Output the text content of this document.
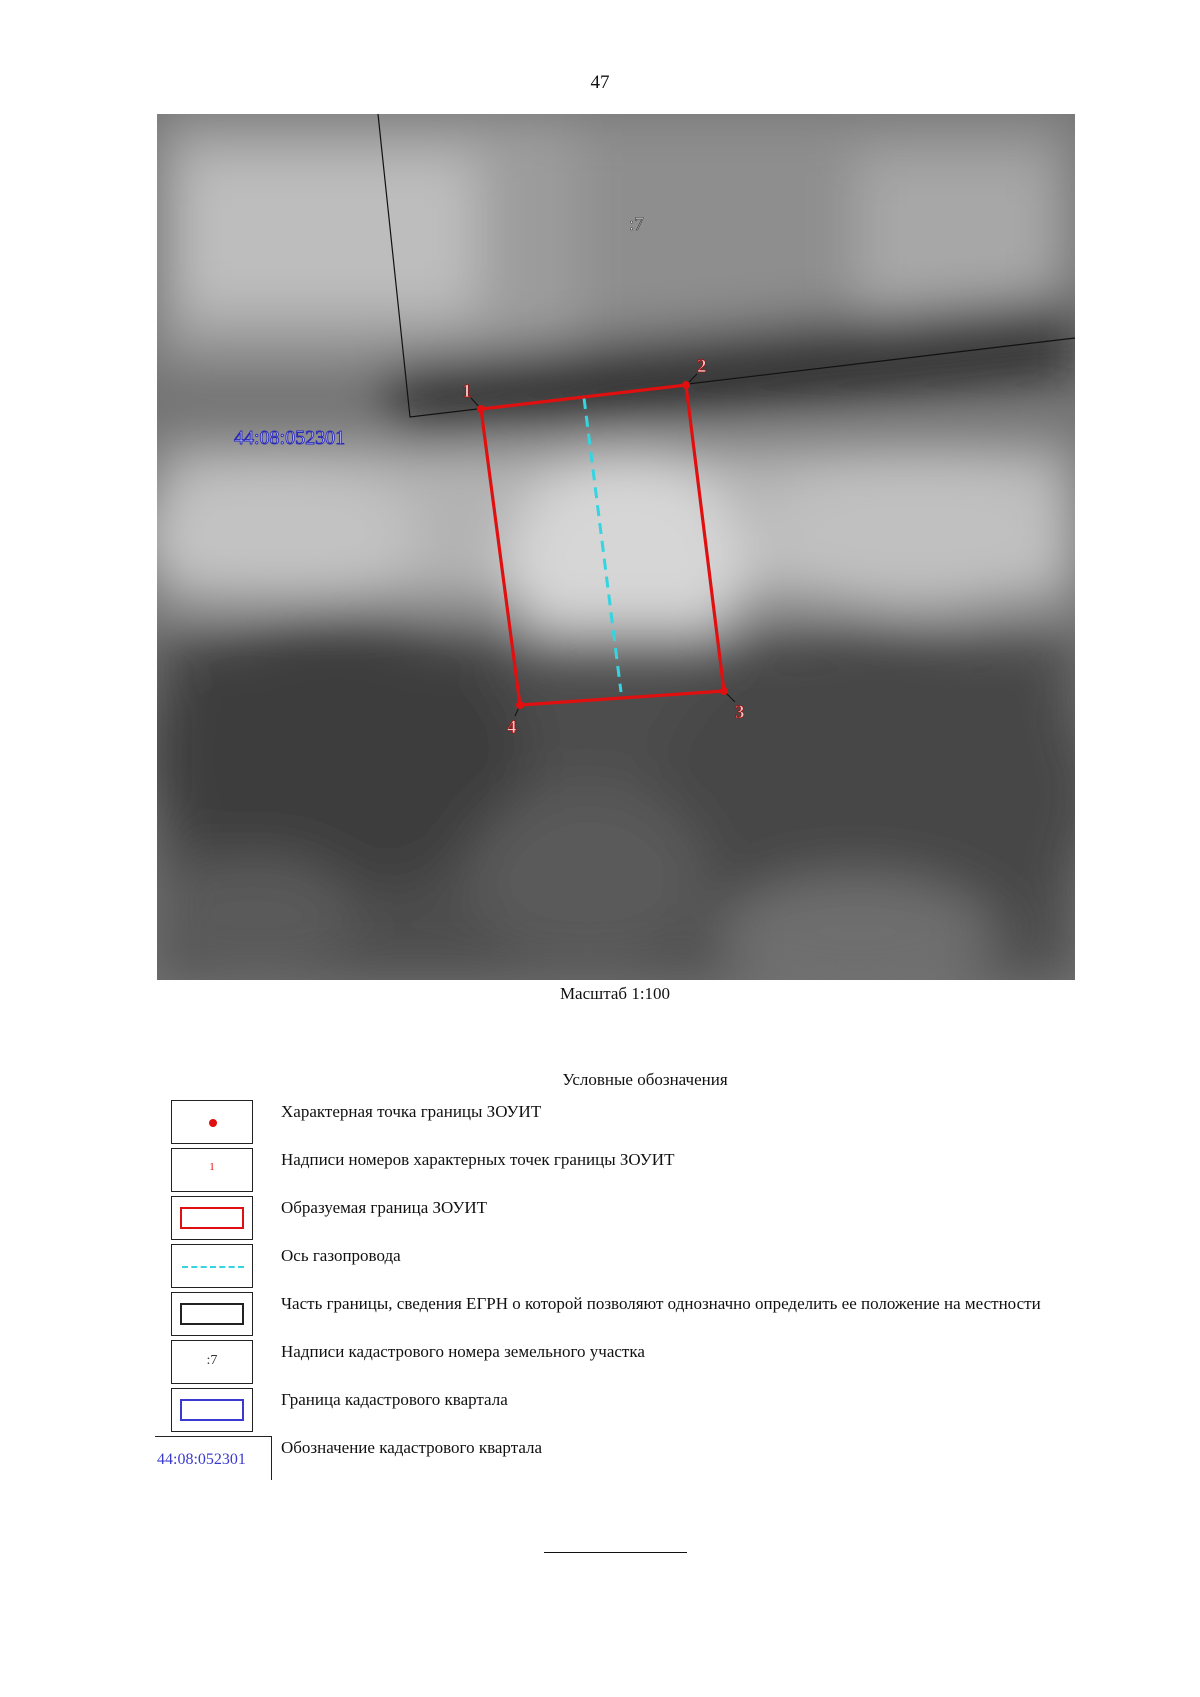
47
1
2
3
4
:7
44:08:052301
Масштаб 1:100
Условные обозначения
Характерная точка границы ЗОУИТ
1	Надписи номеров характерных точек границы ЗОУИТ
Образуемая граница ЗОУИТ
Ось газопровода
Часть границы, сведения ЕГРН о которой позволяют однозначно определить ее положение на местности
:7	Надписи кадастрового номера земельного участка
Граница кадастрового квартала
44:08:052301
Обозначение кадастрового квартала
